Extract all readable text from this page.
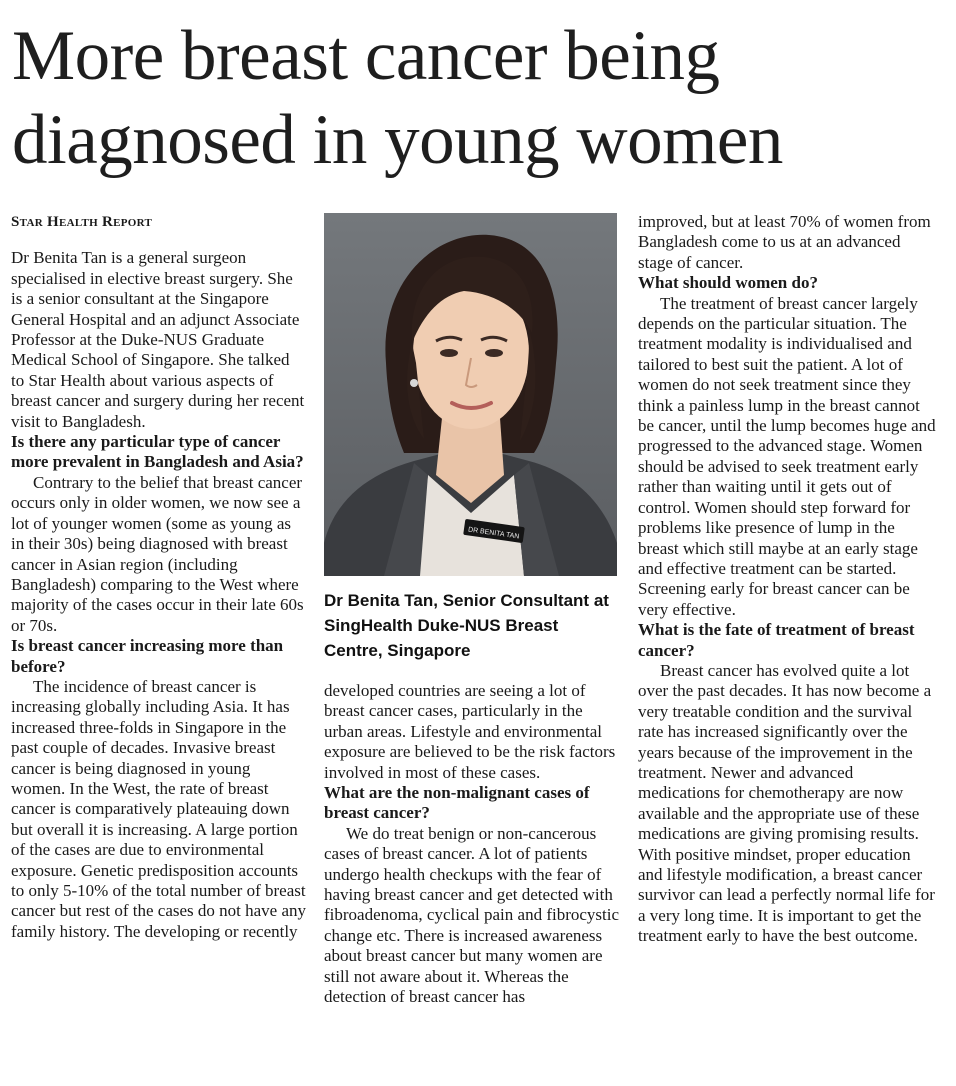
More breast cancer being diagnosed in young women

Star Health Report

Dr Benita Tan is a general surgeon specialised in elective breast surgery. She is a senior consultant at the Singapore General Hospital and an adjunct Associate Professor at the Duke-NUS Graduate Medical School of Singapore. She talked to Star Health about various aspects of breast cancer and surgery during her recent visit to Bangladesh.

Is there any particular type of cancer more prevalent in Bangladesh and Asia?

Contrary to the belief that breast cancer occurs only in older women, we now see a lot of younger women (some as young as in their 30s) being diagnosed with breast cancer in Asian region (including Bangladesh) comparing to the West where majority of the cases occur in their late 60s or 70s.

Is breast cancer increasing more than before?

The incidence of breast cancer is increasing globally including Asia. It has increased three-folds in Singapore in the past couple of decades. Invasive breast cancer is being diagnosed in young women. In the West, the rate of breast cancer is comparatively plateauing down but overall it is increasing. A large portion of the cases are due to environmental exposure. Genetic predisposition accounts to only 5-10% of the total number of breast cancer but rest of the cases do not have any family history. The developing or recently

DR BENITA TAN
Dr Benita Tan, Senior Consultant at SingHealth Duke-NUS Breast Centre, Singapore

developed countries are seeing a lot of breast cancer cases, particularly in the urban areas. Lifestyle and environmental exposure are believed to be the risk factors involved in most of these cases.

What are the non-malignant cases of breast cancer?

We do treat benign or non-cancerous cases of breast cancer. A lot of patients undergo health checkups with the fear of having breast cancer and get detected with fibroadenoma, cyclical pain and fibrocystic change etc. There is increased awareness about breast cancer but many women are still not aware about it. Whereas the detection of breast cancer has

improved, but at least 70% of women from Bangladesh come to us at an advanced stage of cancer.

What should women do?

The treatment of breast cancer largely depends on the particular situation. The treatment modality is individualised and tailored to best suit the patient. A lot of women do not seek treatment since they think a painless lump in the breast cannot be cancer, until the lump becomes huge and progressed to the advanced stage. Women should be advised to seek treatment early rather than waiting until it gets out of control. Women should step forward for problems like presence of lump in the breast which still maybe at an early stage and effective treatment can be started. Screening early for breast cancer can be very effective.

What is the fate of treatment of breast cancer?

Breast cancer has evolved quite a lot over the past decades. It has now become a very treatable condition and the survival rate has increased significantly over the years because of the improvement in the treatment. Newer and advanced medications for chemotherapy are now available and the appropriate use of these medications are giving promising results. With positive mindset, proper education and lifestyle modification, a breast cancer survivor can lead a perfectly normal life for a very long time. It is important to get the treatment early to have the best outcome.
